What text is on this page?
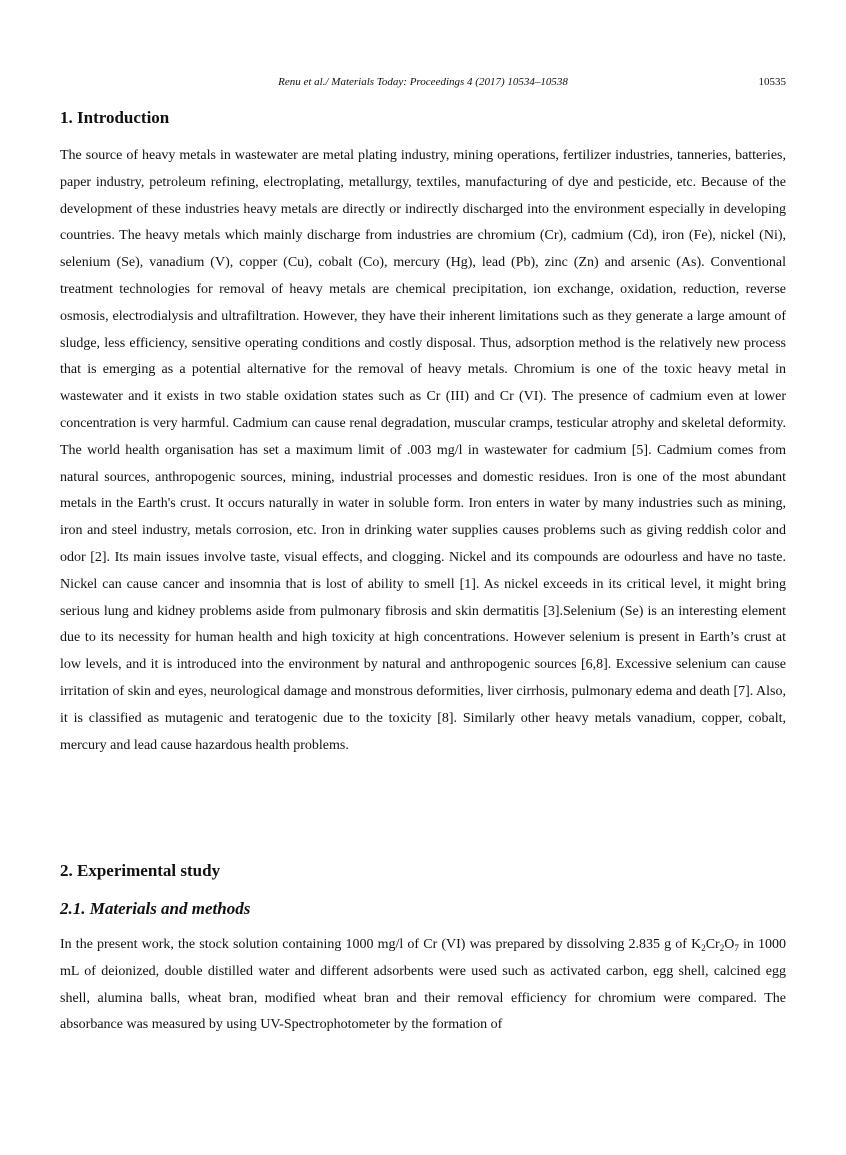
Renu et al./ Materials Today: Proceedings 4 (2017) 10534–10538	10535
1. Introduction

The source of heavy metals in wastewater are metal plating industry, mining operations, fertilizer industries, tanneries, batteries, paper industry, petroleum refining, electroplating, metallurgy, textiles, manufacturing of dye and pesticide, etc. Because of the development of these industries heavy metals are directly or indirectly discharged into the environment especially in developing countries. The heavy metals which mainly discharge from industries are chromium (Cr), cadmium (Cd), iron (Fe), nickel (Ni), selenium (Se), vanadium (V), copper (Cu), cobalt (Co), mercury (Hg), lead (Pb), zinc (Zn) and arsenic (As). Conventional treatment technologies for removal of heavy metals are chemical precipitation, ion exchange, oxidation, reduction, reverse osmosis, electrodialysis and ultrafiltration. However, they have their inherent limitations such as they generate a large amount of sludge, less efficiency, sensitive operating conditions and costly disposal. Thus, adsorption method is the relatively new process that is emerging as a potential alternative for the removal of heavy metals. Chromium is one of the toxic heavy metal in wastewater and it exists in two stable oxidation states such as Cr (III) and Cr (VI). The presence of cadmium even at lower concentration is very harmful. Cadmium can cause renal degradation, muscular cramps, testicular atrophy and skeletal deformity. The world health organisation has set a maximum limit of .003 mg/l in wastewater for cadmium [5]. Cadmium comes from natural sources, anthropogenic sources, mining, industrial processes and domestic residues. Iron is one of the most abundant metals in the Earth's crust. It occurs naturally in water in soluble form. Iron enters in water by many industries such as mining, iron and steel industry, metals corrosion, etc. Iron in drinking water supplies causes problems such as giving reddish color and odor [2]. Its main issues involve taste, visual effects, and clogging. Nickel and its compounds are odourless and have no taste. Nickel can cause cancer and insomnia that is lost of ability to smell [1]. As nickel exceeds in its critical level, it might bring serious lung and kidney problems aside from pulmonary fibrosis and skin dermatitis [3].Selenium (Se) is an interesting element due to its necessity for human health and high toxicity at high concentrations. However selenium is present in Earth’s crust at low levels, and it is introduced into the environment by natural and anthropogenic sources [6,8]. Excessive selenium can cause irritation of skin and eyes, neurological damage and monstrous deformities, liver cirrhosis, pulmonary edema and death [7]. Also, it is classified as mutagenic and teratogenic due to the toxicity [8]. Similarly other heavy metals vanadium, copper, cobalt, mercury and lead cause hazardous health problems.

2. Experimental study
2.1. Materials and methods

In the present work, the stock solution containing 1000 mg/l of Cr (VI) was prepared by dissolving 2.835 g of $K_2Cr_2O_7$ in 1000 mL of deionized, double distilled water and different adsorbents were used such as activated carbon, egg shell, calcined egg shell, alumina balls, wheat bran, modified wheat bran and their removal efficiency for chromium were compared. The absorbance was measured by using UV-Spectrophotometer by the formation of
